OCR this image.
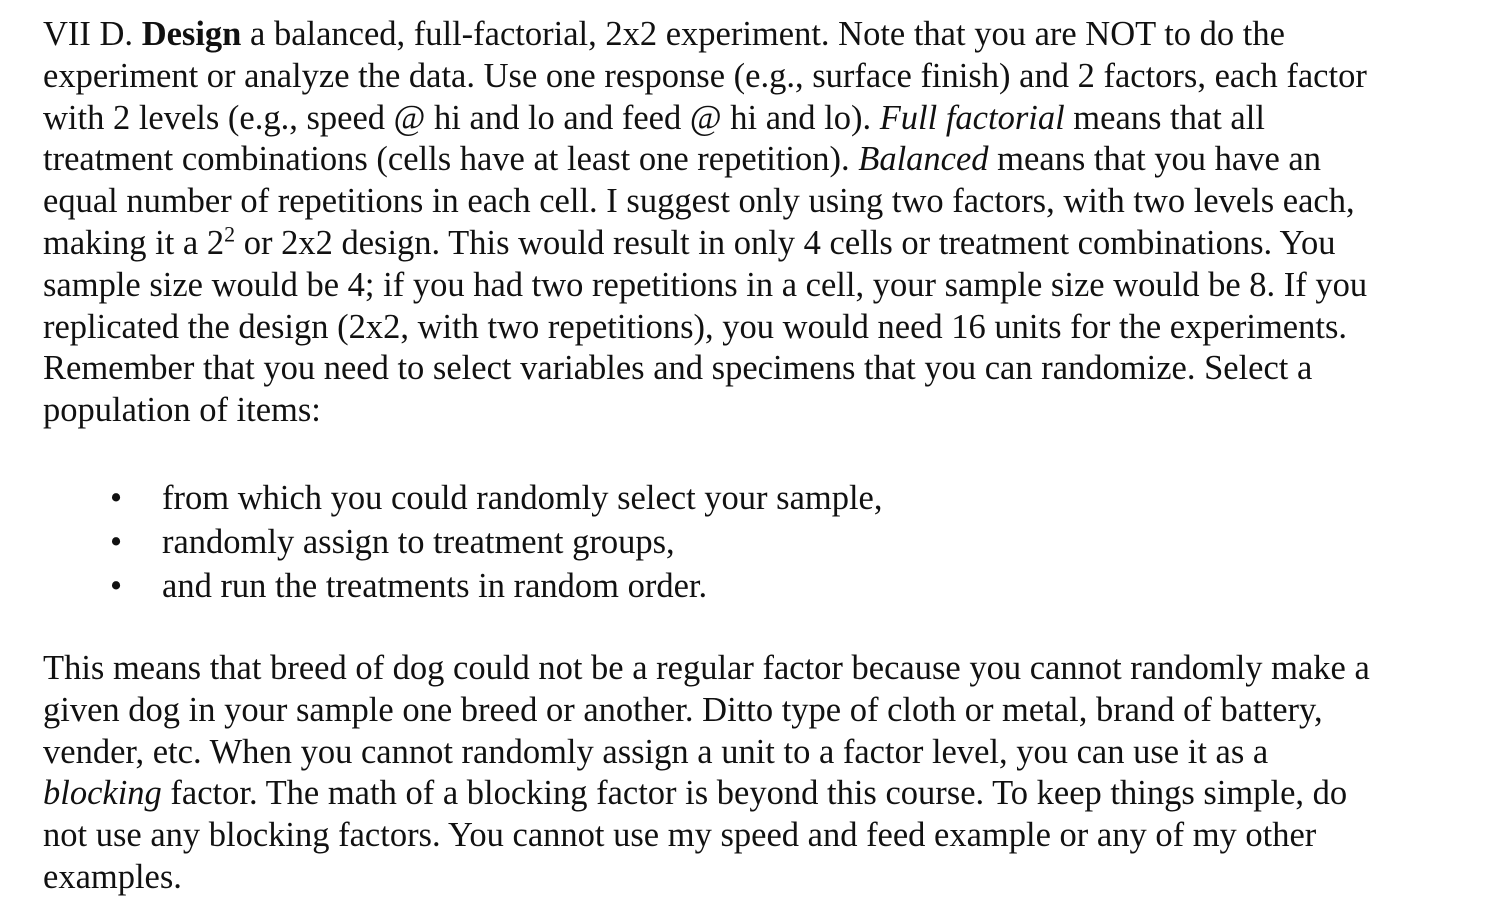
VII D. Design a balanced, full-factorial, 2x2 experiment. Note that you are NOT to do the
experiment or analyze the data. Use one response (e.g., surface finish) and 2 factors, each factor
with 2 levels (e.g., speed @ hi and lo and feed @ hi and lo). Full factorial means that all
treatment combinations (cells have at least one repetition). Balanced means that you have an
equal number of repetitions in each cell. I suggest only using two factors, with two levels each,
making it a $2^2$ or 2x2 design. This would result in only 4 cells or treatment combinations. You
sample size would be 4; if you had two repetitions in a cell, your sample size would be 8. If you
replicated the design (2x2, with two repetitions), you would need 16 units for the experiments.
Remember that you need to select variables and specimens that you can randomize. Select a
population of items:

• from which you could randomly select your sample,
• randomly assign to treatment groups,
• and run the treatments in random order.

This means that breed of dog could not be a regular factor because you cannot randomly make a
given dog in your sample one breed or another. Ditto type of cloth or metal, brand of battery,
vender, etc. When you cannot randomly assign a unit to a factor level, you can use it as a
blocking factor. The math of a blocking factor is beyond this course. To keep things simple, do
not use any blocking factors. You cannot use my speed and feed example or any of my other
examples.
